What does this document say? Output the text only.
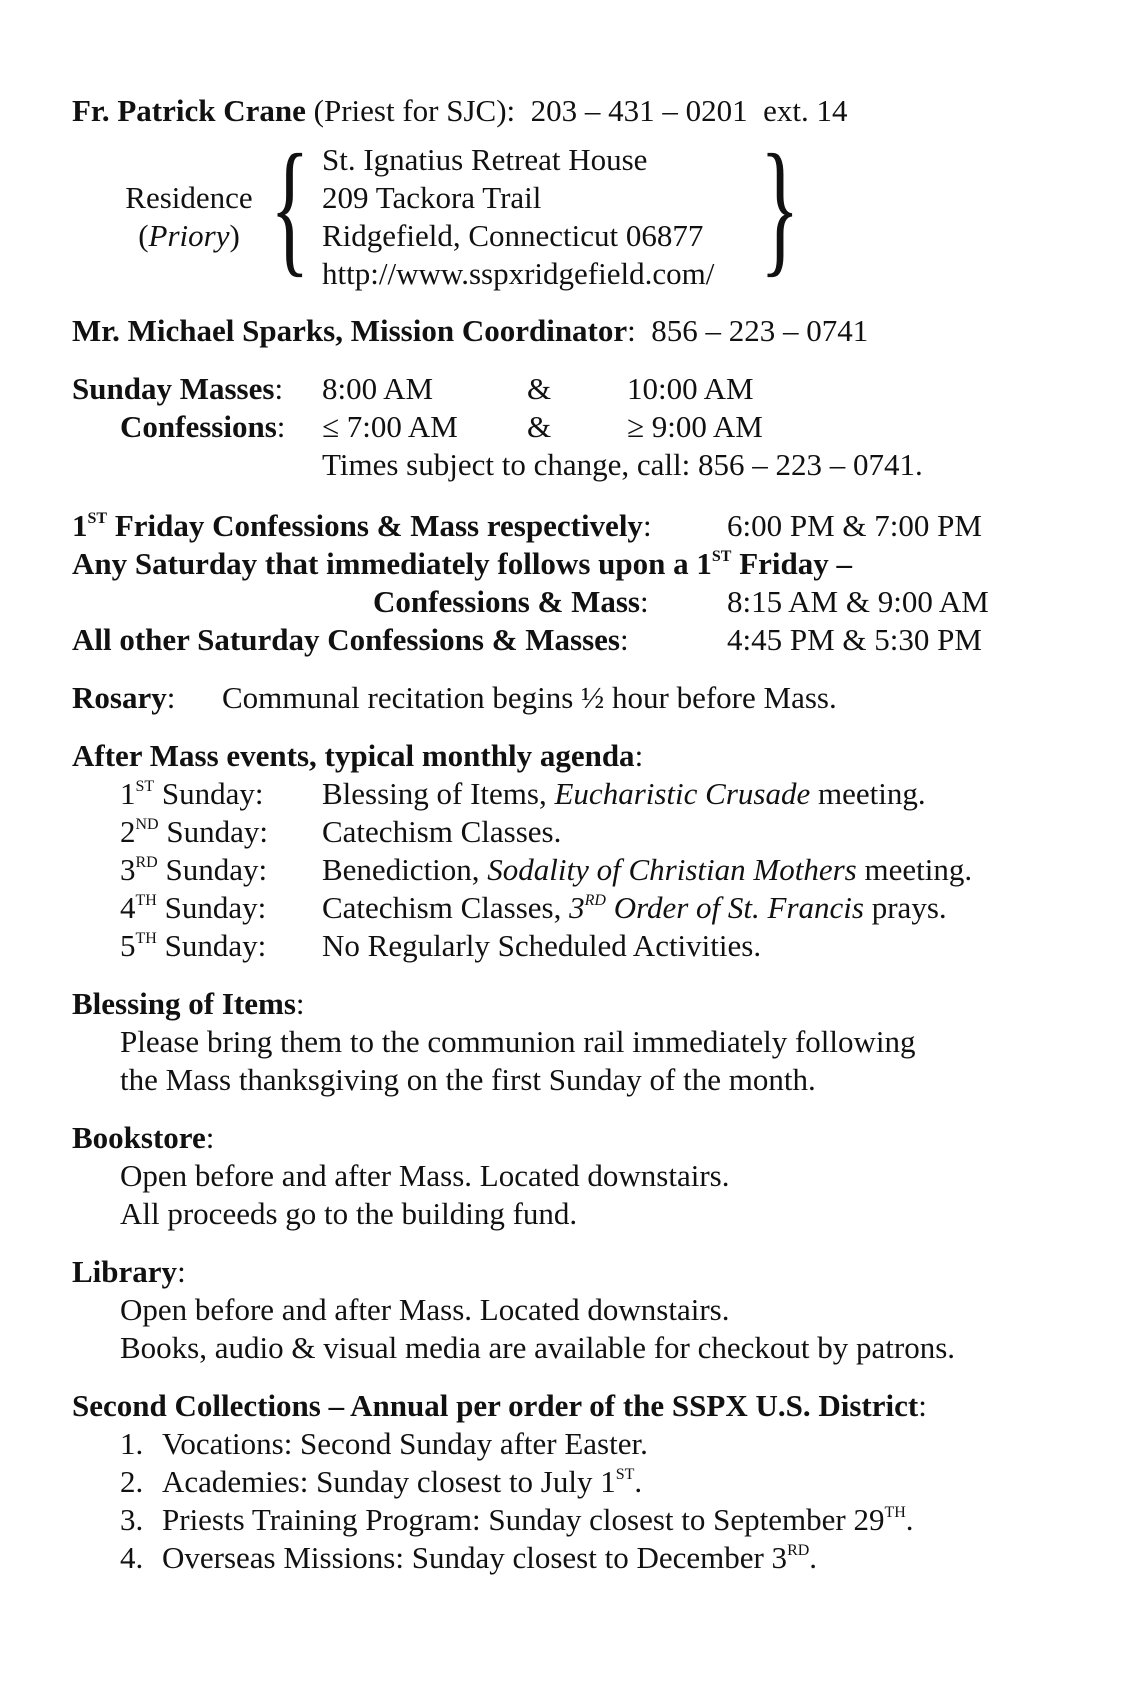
Fr. Patrick Crane (Priest for SJC): 203 – 431 – 0201 ext. 14
Residence
(Priory) { St. Ignatius Retreat House
209 Tackora Trail
Ridgefield, Connecticut 06877
http://www.sspxridgefield.com/ }
Mr. Michael Sparks, Mission Coordinator:  856 – 223 – 0741
Sunday Masses: 8:00 AM	& 10:00 AM
Confessions: ≤ 7:00 AM & ≥ 9:00 AM
Times subject to change, call: 856 – 223 – 0741.
1ST Friday Confessions & Mass respectively: 6:00 PM & 7:00 PM
Any Saturday that immediately follows upon a 1ST Friday –
Confessions & Mass:	8:15 AM & 9:00 AM
All other Saturday Confessions & Masses:	4:45 PM & 5:30 PM
Rosary: Communal recitation begins ½ hour before Mass.
After Mass events, typical monthly agenda:
1ST Sunday: Blessing of Items, Eucharistic Crusade meeting.
2ND Sunday: Catechism Classes.
3RD Sunday: Benediction, Sodality of Christian Mothers meeting.
4TH Sunday: Catechism Classes, 3RD Order of St. Francis prays.
5TH Sunday: No Regularly Scheduled Activities.
Blessing of Items:
Please bring them to the communion rail immediately following
the Mass thanksgiving on the first Sunday of the month.
Bookstore:
Open before and after Mass. Located downstairs.
All proceeds go to the building fund.
Library:
Open before and after Mass. Located downstairs.
Books, audio & visual media are available for checkout by patrons.
Second Collections – Annual per order of the SSPX U.S. District:
1. Vocations: Second Sunday after Easter.
2. Academies: Sunday closest to July 1ST.
3. Priests Training Program: Sunday closest to September 29TH.
4. Overseas Missions: Sunday closest to December 3RD.
